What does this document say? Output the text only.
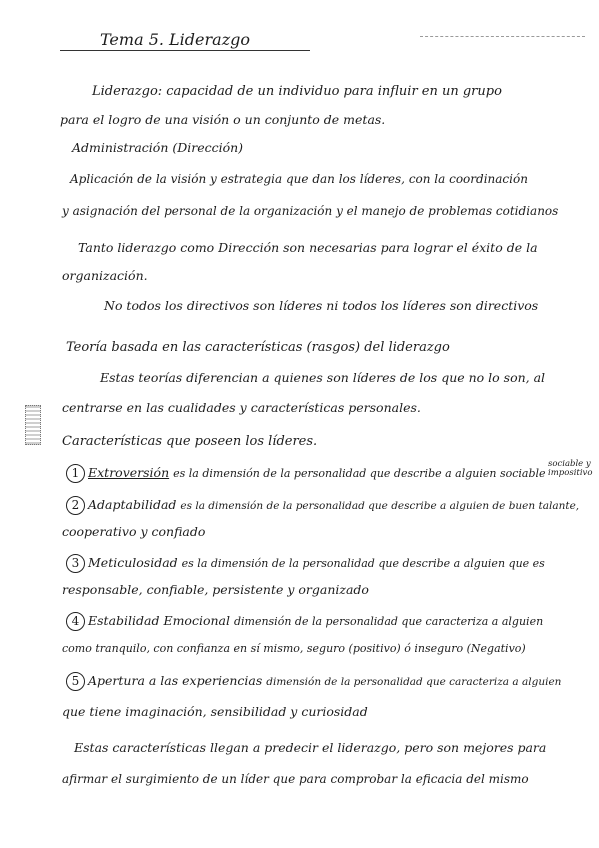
Tema 5. Liderazgo
Liderazgo: capacidad de un individuo para influir en un grupo
para el logro de una visión o un conjunto de metas.
Administración (Dirección)
Aplicación de la visión y estrategia que dan los líderes, con la coordinación
y asignación del personal de la organización y el manejo de problemas cotidianos
Tanto liderazgo como Dirección son necesarias para lograr el éxito de la
organización.
No todos los directivos son líderes ni todos los líderes son directivos
Teoría basada en las características (rasgos) del liderazgo
Estas teorías diferencian a quienes son líderes de los que no lo son, al
centrarse en las cualidades y características personales.
Características que poseen los líderes.
1 Extroversión es la dimensión de la personalidad que describe a alguien sociable
sociable y impositivo
2 Adaptabilidad es la dimensión de la personalidad que describe a alguien de buen talante,
cooperativo y confiado
3 Meticulosidad es la dimensión de la personalidad que describe a alguien que es
responsable, confiable, persistente y organizado
4 Estabilidad Emocional dimensión de la personalidad que caracteriza a alguien
como tranquilo, con confianza en sí mismo, seguro (positivo) ó inseguro (Negativo)
5 Apertura a las experiencias dimensión de la personalidad que caracteriza a alguien
que tiene imaginación, sensibilidad y curiosidad
Estas características llegan a predecir el liderazgo, pero son mejores para
afirmar el surgimiento de un líder que para comprobar la eficacia del mismo
